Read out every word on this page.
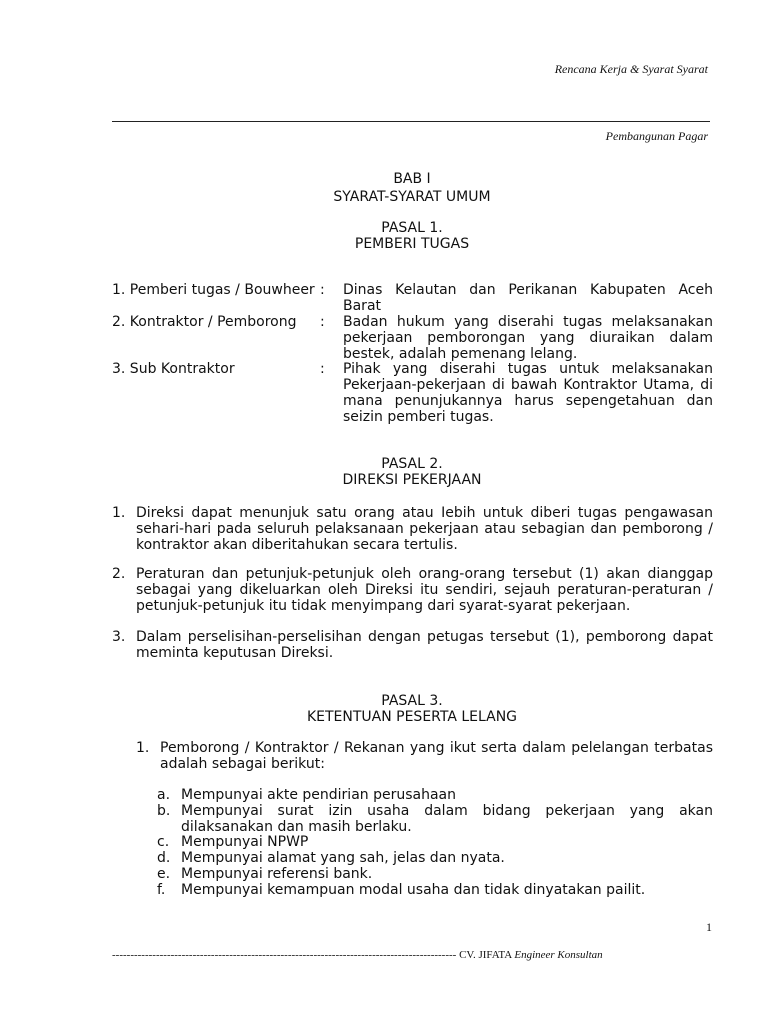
Rencana Kerja & Syarat Syarat
Pembangunan Pagar
BAB I
SYARAT-SYARAT UMUM
PASAL 1.
PEMBERI TUGAS
1. Pemberi tugas / Bouwheer : Dinas Kelautan dan Perikanan Kabupaten Aceh Barat
2. Kontraktor / Pemborong : Badan hukum yang diserahi tugas melaksanakan pekerjaan pemborongan yang diuraikan dalam bestek, adalah pemenang lelang.
3. Sub Kontraktor	: Pihak yang diserahi tugas untuk melaksanakan Pekerjaan-pekerjaan di bawah Kontraktor Utama, di mana penunjukannya harus sepengetahuan dan seizin pemberi tugas.
PASAL 2.
DIREKSI PEKERJAAN
1. Direksi dapat menunjuk satu orang atau Iebih untuk diberi tugas pengawasan sehari-hari pada seluruh pelaksanaan pekerjaan atau sebagian dan pemborong / kontraktor akan diberitahukan secara tertulis.
2. Peraturan dan petunjuk-petunjuk oleh orang-orang tersebut (1) akan dianggap sebagai yang dikeluarkan oleh Direksi itu sendiri, sejauh peraturan-peraturan / petunjuk-petunjuk itu tidak menyimpang dari syarat-syarat pekerjaan.
3. Dalam perselisihan-perselisihan dengan petugas tersebut (1), pemborong dapat meminta keputusan Direksi.
PASAL 3.
KETENTUAN PESERTA LELANG
1. Pemborong / Kontraktor / Rekanan yang ikut serta dalam pelelangan terbatas adalah sebagai berikut:
a. Mempunyai akte pendirian perusahaan
b. Mempunyai surat izin usaha dalam bidang pekerjaan yang akan dilaksanakan dan masih berlaku.
c. Mempunyai NPWP
d. Mempunyai alamat yang sah, jelas dan nyata.
e. Mempunyai referensi bank.
f. Mempunyai kemampuan modal usaha dan tidak dinyatakan pailit.
1
---------------------------------------------------------------------------------------------- CV. JIFATA Engineer Konsultan
